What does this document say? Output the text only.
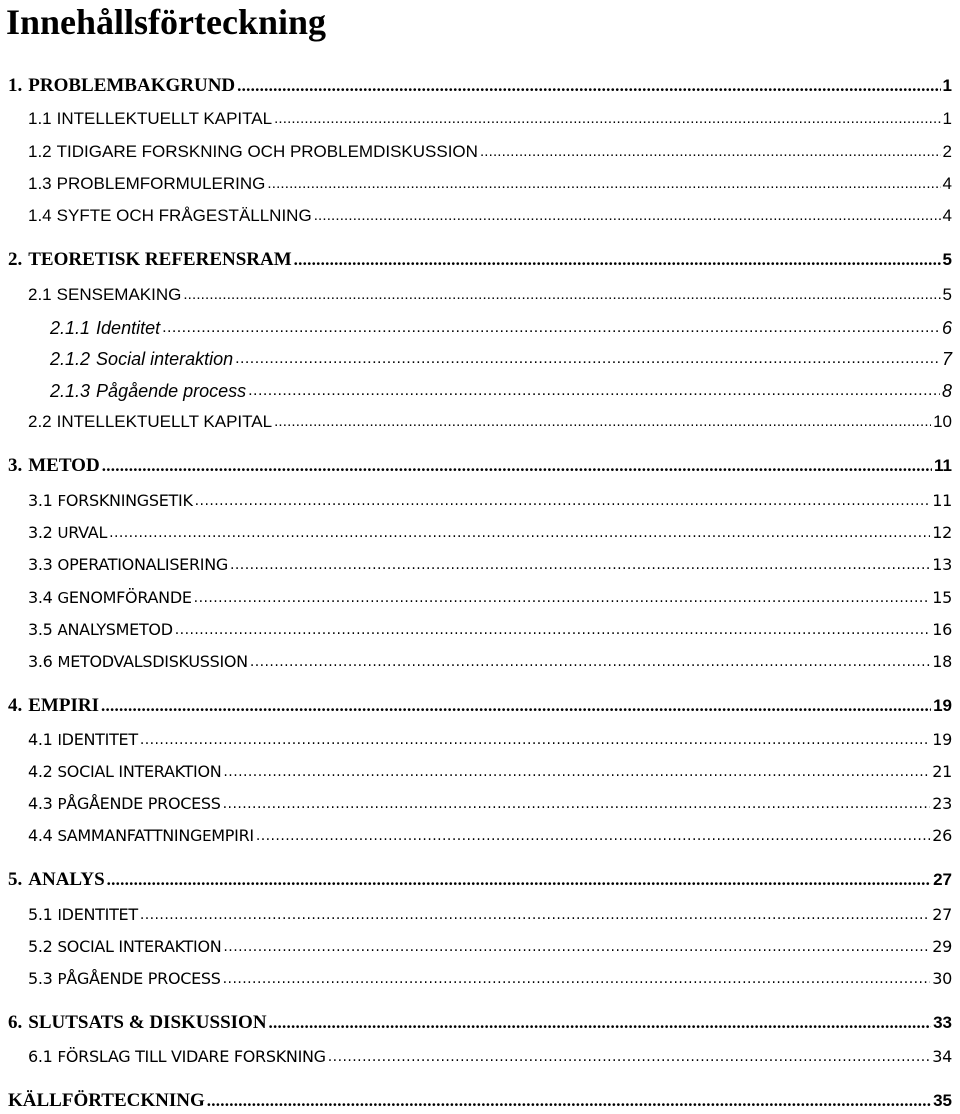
Innehållsförteckning
1. PROBLEMBAKGRUND . . .	1
1.1 I NTELLEKTUELLT KAPITAL . . .	1
1.2 T IDIGARE FORSKNING OCH PROBLEMDISKUSSION . . .	2
1.3 P ROBLEMFORMULERING . . .	4
1.4 S YFTE OCH FRÅGESTÄLLNING . . .	4
2. TEORETISK REFERENSRAM . . .	5
2.1 S ENSEMAKING . . .	5
2.1.1 Identitet . . .	6
2.1.2 Social interaktion . . .	7
2.1.3 Pågående process . . .	8
2.2 I NTELLEKTUELLT KAPITAL . . .	10
3. METOD . . .	11
3.1 F ORSKNINGSETIK . . .	11
3.2 U RVAL . . .	12
3.3 O PERATIONALISERING . . .	13
3.4 G ENOMFÖRANDE . . .	15
3.5 A NALYSMETOD . . .	16
3.6 M ETODVALSDISKUSSION . . .	18
4. EMPIRI . . .	19
4.1 I DENTITET . . .	19
4.2 S OCIAL INTERAKTION . . .	21
4.3 P ÅGÅENDE PROCESS . . .	23
4.4 S AMMANFATTNING E MPIRI . . .	26
5. ANALYS . . .	27
5.1 I DENTITET . . .	27
5.2 S OCIAL INTERAKTION . . .	29
5.3 P ÅGÅENDE PROCESS . . .	30
6. SLUTSATS & DISKUSSION . . .	33
6.1 F ÖRSLAG TILL VIDARE FORSKNING . . .	34
KÄLLFÖRTECKNING . . .	35
